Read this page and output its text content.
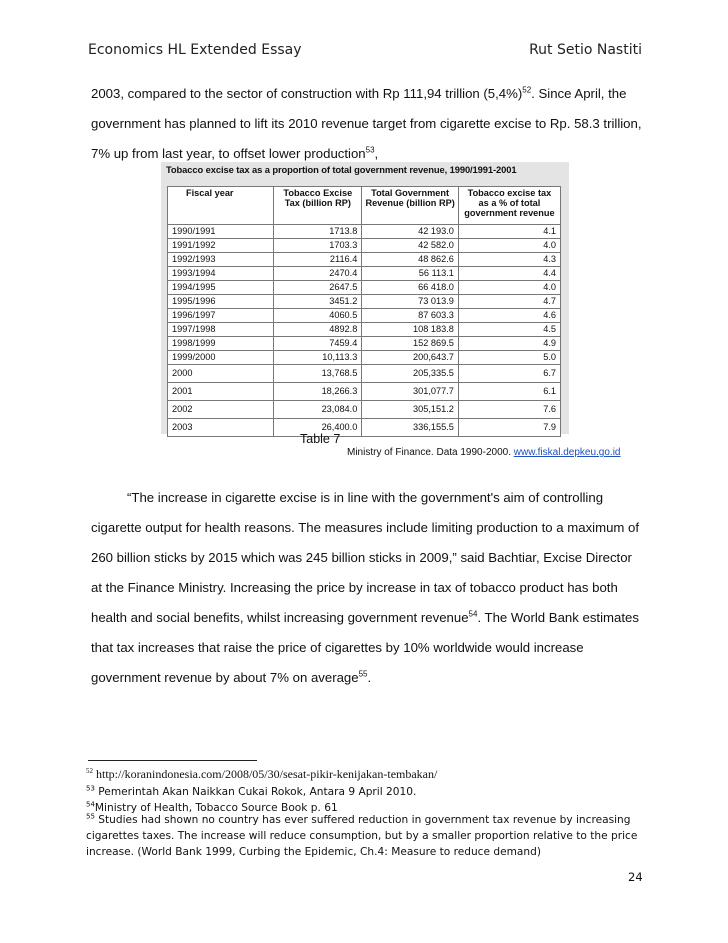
Economics HL Extended Essay	Rut Setio Nastiti

2003, compared to the sector of construction with Rp 111,94 trillion $(5,4\%)^{52}$. Since April, the

government has planned to lift its 2010 revenue target from cigarette excise to Rp. 58.3 trillion,

7% up from last year, to offset lower production$^{53}$,

Tobacco excise tax as a proportion of total government revenue, 1990/1991-2001
Fiscal year	Tobacco Excise Tax (billion RP)	Total Government Revenue (billion RP)	Tobacco excise tax as a % of total government revenue
1990/1991	1713.8	42 193.0	4.1
1991/1992	1703.3	42 582.0	4.0
1992/1993	2116.4	48 862.6	4.3
1993/1994	2470.4	56 113.1	4.4
1994/1995	2647.5	66 418.0	4.0
1995/1996	3451.2	73 013.9	4.7
1996/1997	4060.5	87 603.3	4.6
1997/1998	4892.8	108 183.8	4.5
1998/1999	7459.4	152 869.5	4.9
1999/2000	10,113.3	200,643.7	5.0
2000	13,768.5	205,335.5	6.7
2001	18,266.3	301,077.7	6.1
2002	23,084.0	305,151.2	7.6
2003	26,400.0	336,155.5	7.9
Table 7
Ministry of Finance. Data 1990-2000. www.fiskal.depkeu.go.id

“The increase in cigarette excise is in line with the government's aim of controlling

cigarette output for health reasons. The measures include limiting production to a maximum of

260 billion sticks by 2015 which was 245 billion sticks in 2009,” said Bachtiar, Excise Director

at the Finance Ministry. Increasing the price by increase in tax of tobacco product has both

health and social benefits, whilst increasing government revenue$^{54}$. The World Bank estimates

that tax increases that raise the price of cigarettes by 10% worldwide would increase

government revenue by about 7% on average$^{55}$.

$^{52}$ http://koranindonesia.com/2008/05/30/sesat-pikir-kenijakan-tembakan/
$^{53}$ Pemerintah Akan Naikkan Cukai Rokok, Antara 9 April 2010.
$^{54}$Ministry of Health, Tobacco Source Book p. 61
$^{55}$ Studies had shown no country has ever suffered reduction in government tax revenue by increasing cigarettes taxes. The increase will reduce consumption, but by a smaller proportion relative to the price increase. (World Bank 1999, Curbing the Epidemic, Ch.4: Measure to reduce demand)
24
